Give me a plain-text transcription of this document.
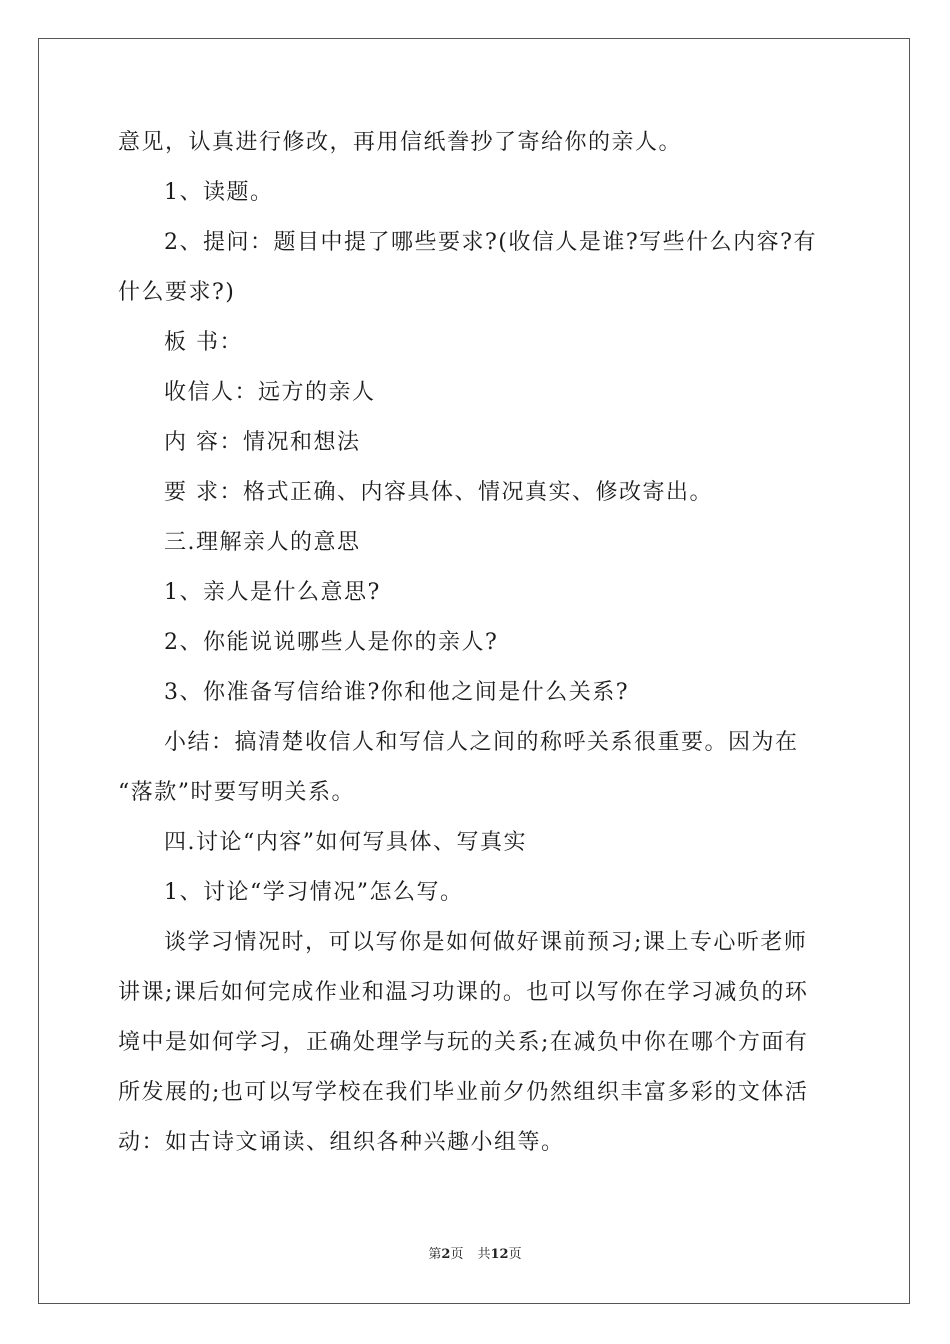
意见，认真进行修改，再用信纸誊抄了寄给你的亲人。
1、读题。
2、提问：题目中提了哪些要求?(收信人是谁?写些什么内容?有
什么要求?)
板 书：
收信人：远方的亲人
内 容：情况和想法
要 求：格式正确、内容具体、情况真实、修改寄出。
三.理解亲人的意思
1、亲人是什么意思?
2、你能说说哪些人是你的亲人?
3、你准备写信给谁?你和他之间是什么关系?
小结：搞清楚收信人和写信人之间的称呼关系很重要。因为在
“落款”时要写明关系。
四.讨论“内容”如何写具体、写真实
1、讨论“学习情况”怎么写。
谈学习情况时，可以写你是如何做好课前预习;课上专心听老师
讲课;课后如何完成作业和温习功课的。也可以写你在学习减负的环
境中是如何学习，正确处理学与玩的关系;在减负中你在哪个方面有
所发展的;也可以写学校在我们毕业前夕仍然组织丰富多彩的文体活
动：如古诗文诵读、组织各种兴趣小组等。
第2页 共12页
